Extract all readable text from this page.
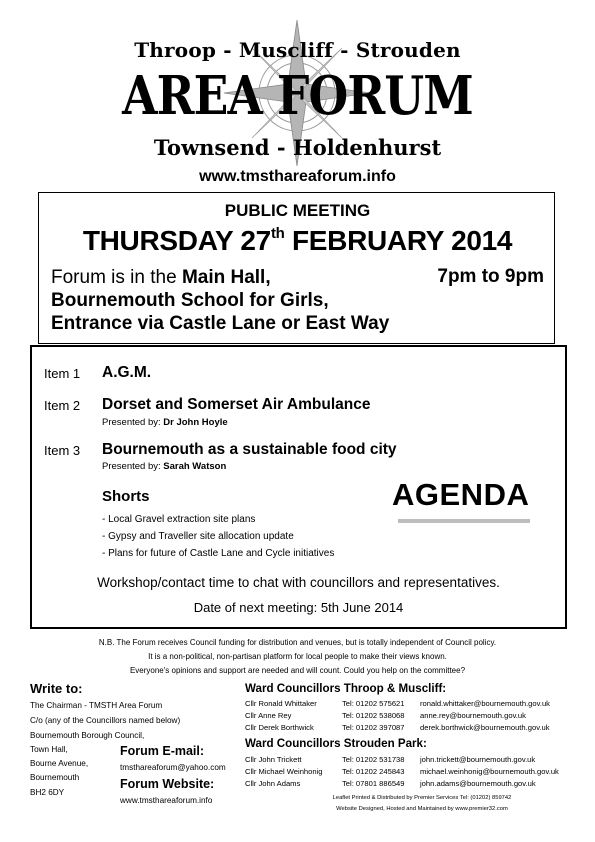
Throop - Muscliff - Strouden
AREA FORUM
Townsend - Holdenhurst
www.tmsthareaforum.info
PUBLIC MEETING
THURSDAY 27th FEBRUARY 2014
Forum is in the Main Hall,
Bournemouth School for Girls,
Entrance via Castle Lane or East Way
7pm to 9pm
Item 1 A.G.M.
Item 2 Dorset and Somerset Air Ambulance
Presented by: Dr John Hoyle
Item 3 Bournemouth as a sustainable food city
Presented by: Sarah Watson
Shorts
- Local Gravel extraction site plans
- Gypsy and Traveller site allocation update
- Plans for future of Castle Lane and Cycle initiatives
AGENDA
Workshop/contact time to chat with councillors and representatives.
Date of next meeting: 5th June 2014
N.B. The Forum receives Council funding for distribution and venues, but is totally independent of Council policy.
It is a non-political, non-partisan platform for local people to make their views known.
Everyone's opinions and support are needed and will count. Could you help on the committee?
Write to:
The Chairman - TMSTH Area Forum
C/o (any of the Councillors named below)
Bournemouth Borough Council,
Town Hall,
Bourne Avenue,
Bournemouth
BH2 6DY
Forum E-mail:
tmsthareaforum@yahoo.com
Forum Website:
www.tmsthareaforum.info
Ward Councillors Throop & Muscliff:
Cllr Ronald Whittaker	Tel: 01202 575621 ronald.whittaker@bournemouth.gov.uk
Cllr Anne Rey	Tel: 01202 538068 anne.rey@bournemouth.gov.uk
Cllr Derek Borthwick	Tel: 01202 397087 derek.borthwick@bournemouth.gov.uk
Ward Councillors Strouden Park:
Cllr John Trickett	Tel: 01202 531738 john.trickett@bournemouth.gov.uk
Cllr Michael Weinhonig	Tel: 01202 245843 michael.weinhonig@bournemouth.gov.uk
Cllr John Adams	Tel: 07801 886549 john.adams@bournemouth.gov.uk
Leaflet Printed & Distributed by Premier Services Tel: (01202) 859742
Website Designed, Hosted and Maintained by www.premier32.com
